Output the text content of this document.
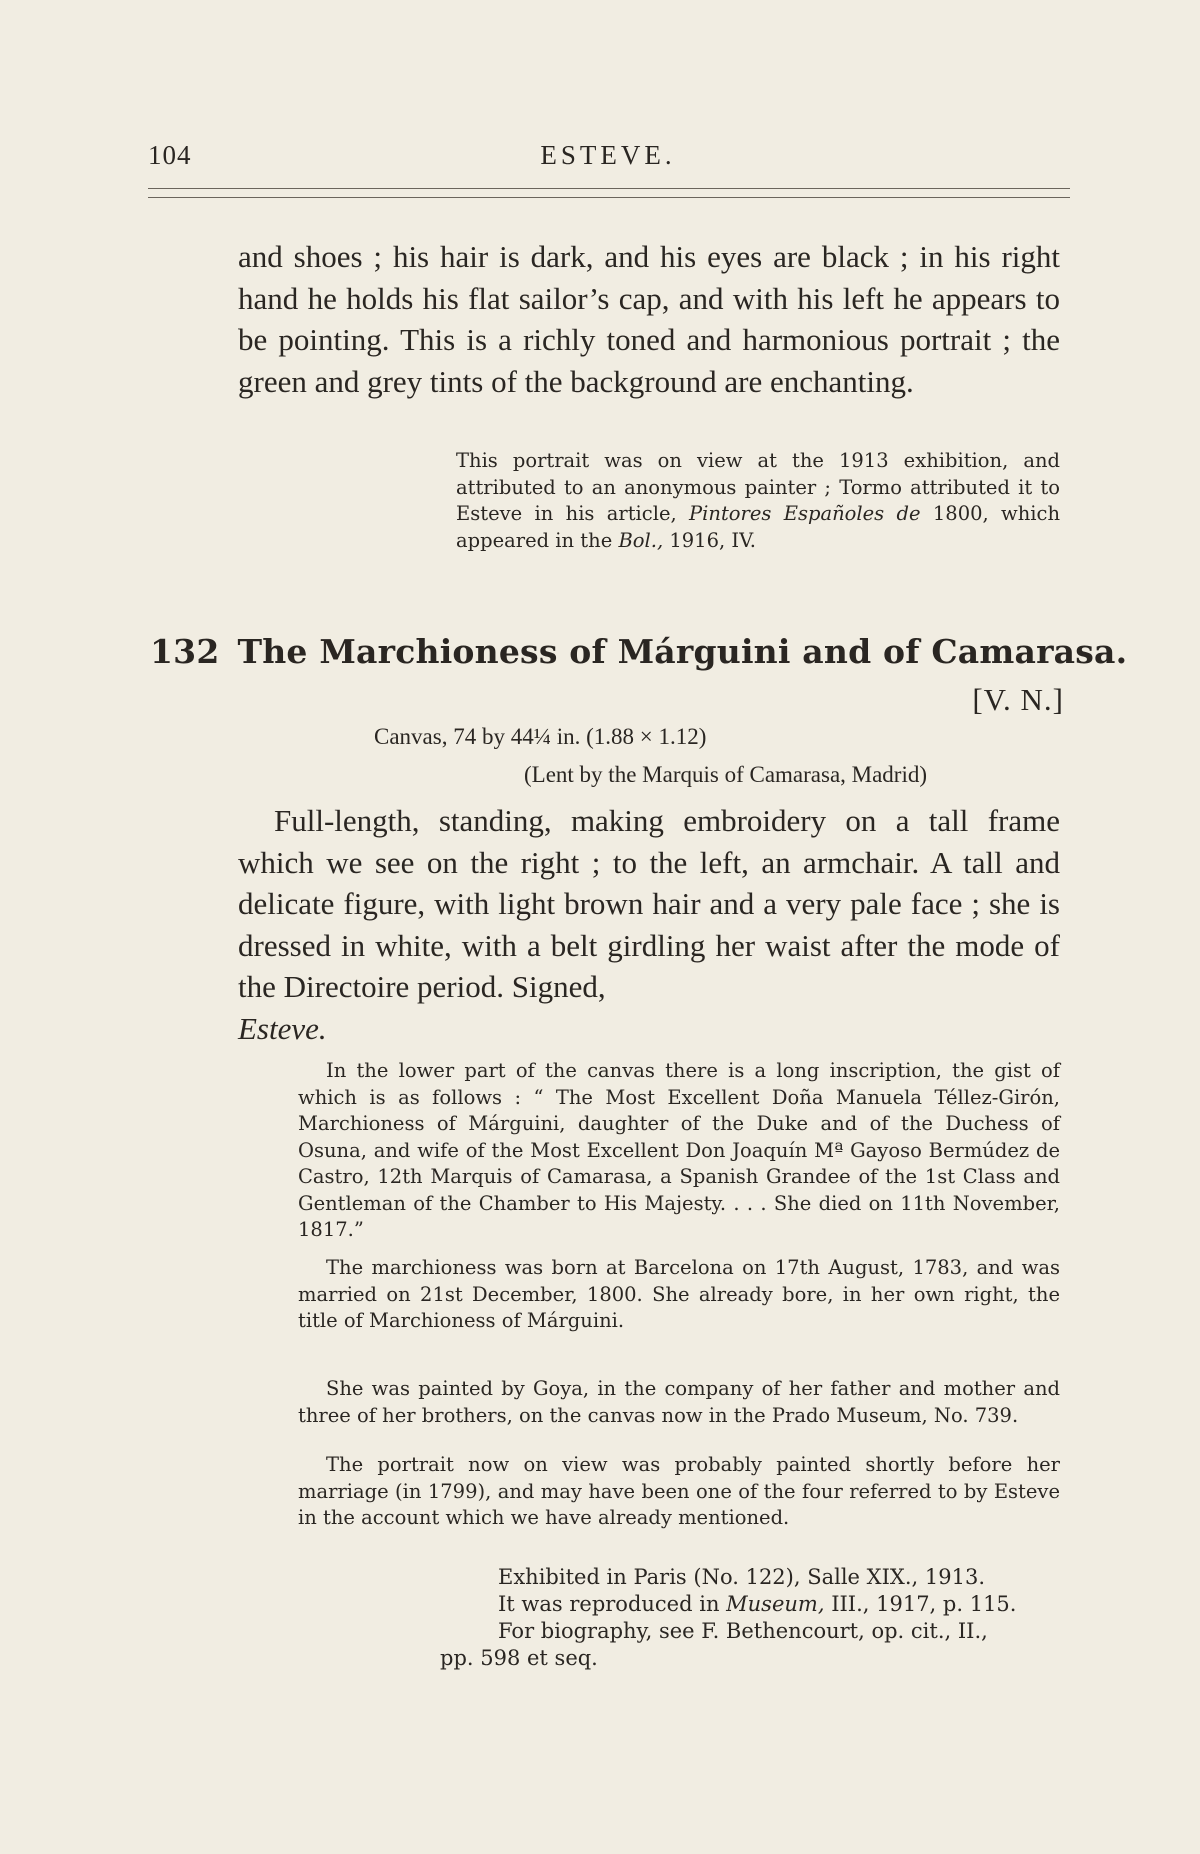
104	ESTEVE.

and shoes ; his hair is dark, and his eyes are black ; in his right hand he holds his flat sailor’s cap, and with his left he appears to be pointing. This is a richly toned and harmonious portrait ; the green and grey tints of the background are enchanting.

This portrait was on view at the 1913 exhibition, and attributed to an anonymous painter ; Tormo attributed it to Esteve in his article, Pintores Españoles de 1800, which appeared in the Bol., 1916, IV.

132 The Marchioness of Márguini and of Camarasa.
[V. N.]
Canvas, 74 by 44¼ in. (1.88 × 1.12)
(Lent by the Marquis of Camarasa, Madrid)

Full-length, standing, making embroidery on a tall frame which we see on the right ; to the left, an armchair. A tall and delicate figure, with light brown hair and a very pale face ; she is dressed in white, with a belt girdling her waist after the mode of the Directoire period. Signed,
Esteve.

In the lower part of the canvas there is a long inscription, the gist of which is as follows : “ The Most Excellent Doña Manuela Téllez-Girón, Marchioness of Márguini, daughter of the Duke and of the Duchess of Osuna, and wife of the Most Excellent Don Joaquín Mª Gayoso Bermúdez de Castro, 12th Marquis of Camarasa, a Spanish Grandee of the 1st Class and Gentleman of the Chamber to His Majesty. . . . She died on 11th November, 1817.”

The marchioness was born at Barcelona on 17th August, 1783, and was married on 21st December, 1800. She already bore, in her own right, the title of Marchioness of Márguini.

She was painted by Goya, in the company of her father and mother and three of her brothers, on the canvas now in the Prado Museum, No. 739.

The portrait now on view was probably painted shortly before her marriage (in 1799), and may have been one of the four referred to by Esteve in the account which we have already mentioned.

Exhibited in Paris (No. 122), Salle XIX., 1913.
It was reproduced in Museum, III., 1917, p. 115.
For biography, see F. Bethencourt, op. cit., II.,
pp. 598 et seq.
